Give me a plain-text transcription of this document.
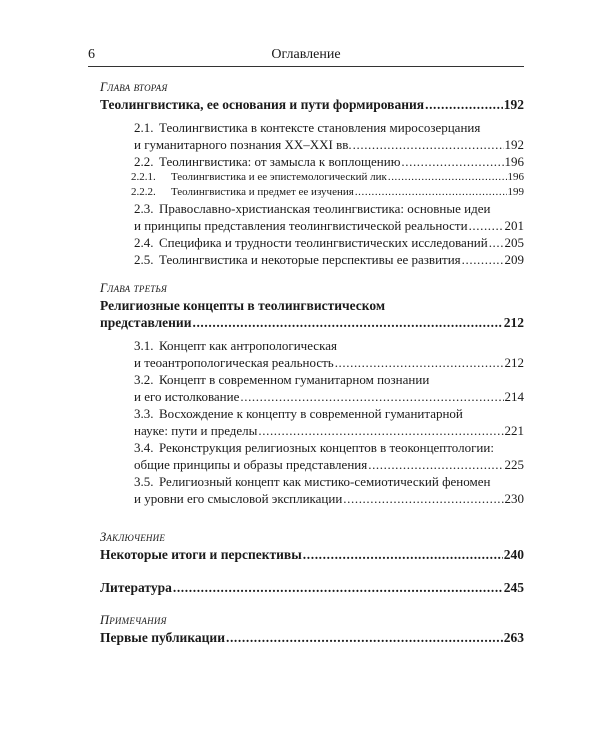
6	Оглавление
Глава вторая
Теолингвистика, ее основания и пути формирования .....	192
2.1. Теолингвистика в контексте становления миросозерцания
и гуманитарного познания XX–XXI вв. .....	192
2.2. Теолингвистика: от замысла к воплощению .....	196
2.2.1. Теолингвистика и ее эпистемологический лик .....	196
2.2.2. Теолингвистика и предмет ее изучения .....	199
2.3. Православно-христианская теолингвистика: основные идеи
и принципы представления теолингвистической реальности .....	201
2.4. Специфика и трудности теолингвистических исследований ..... 205
2.5. Теолингвистика и некоторые перспективы ее развития .....	209
Глава третья
Религиозные концепты в теолингвистическом
представлении .....	212
3.1. Концепт как антропологическая
и теоантропологическая реальность .....	212
3.2. Концепт в современном гуманитарном познании
и его истолкование .....	214
3.3. Восхождение к концепту в современной гуманитарной
науке: пути и пределы .....	221
3.4. Реконструкция религиозных концептов в теоконцептологии:
общие принципы и образы представления .....	225
3.5. Религиозный концепт как мистико-семиотический феномен
и уровни его смысловой экспликации .....	230
Заключение
Некоторые итоги и перспективы .....	240
Литература .....	245
Примечания
Первые публикации .....	263
